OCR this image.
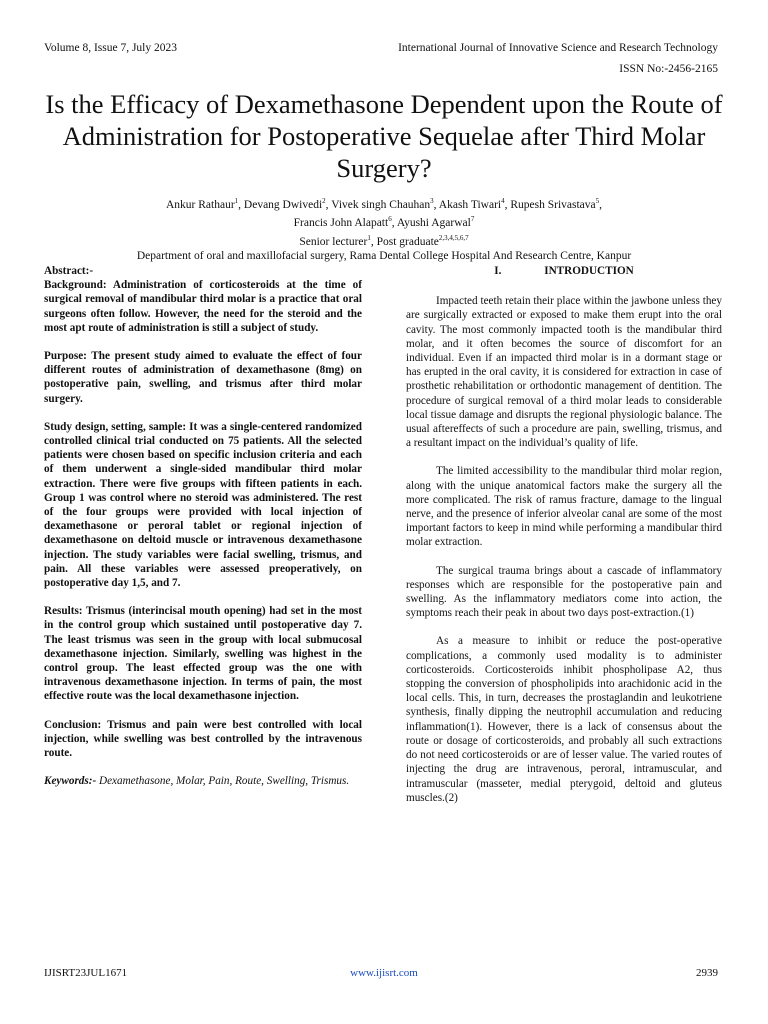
Volume 8, Issue 7, July 2023	International Journal of Innovative Science and Research Technology
ISSN No:-2456-2165
Is the Efficacy of Dexamethasone Dependent upon the Route of Administration for Postoperative Sequelae after Third Molar Surgery?
Ankur Rathaur$^1$, Devang Dwivedi$^2$, Vivek singh Chauhan$^3$, Akash Tiwari$^4$, Rupesh Srivastava$^5$,
Francis John Alapatt$^6$, Ayushi Agarwal$^7$
Senior lecturer$^1$, Post graduate$^{2,3,4,5,6,7}$
Department of oral and maxillofacial surgery, Rama Dental College Hospital And Research Centre, Kanpur

Abstract:-
Background: Administration of corticosteroids at the time of surgical removal of mandibular third molar is a practice that oral surgeons often follow. However, the need for the steroid and the most apt route of administration is still a subject of study.

Purpose: The present study aimed to evaluate the effect of four different routes of administration of dexamethasone (8mg) on postoperative pain, swelling, and trismus after third molar surgery.

Study design, setting, sample: It was a single-centered randomized controlled clinical trial conducted on 75 patients. All the selected patients were chosen based on specific inclusion criteria and each of them underwent a single-sided mandibular third molar extraction. There were five groups with fifteen patients in each. Group 1 was control where no steroid was administered. The rest of the four groups were provided with local injection of dexamethasone or peroral tablet or regional injection of dexamethasone on deltoid muscle or intravenous dexamethasone injection. The study variables were facial swelling, trismus, and pain. All these variables were assessed preoperatively, on postoperative day 1,5, and 7.

Results: Trismus (interincisal mouth opening) had set in the most in the control group which sustained until postoperative day 7. The least trismus was seen in the group with local submucosal dexamethasone injection. Similarly, swelling was highest in the control group. The least effected group was the one with intravenous dexamethasone injection. In terms of pain, the most effective route was the local dexamethasone injection.

Conclusion: Trismus and pain were best controlled with local injection, while swelling was best controlled by the intravenous route.

Keywords:- Dexamethasone, Molar, Pain, Route, Swelling, Trismus.

I.	INTRODUCTION

Impacted teeth retain their place within the jawbone unless they are surgically extracted or exposed to make them erupt into the oral cavity. The most commonly impacted tooth is the mandibular third molar, and it often becomes the source of discomfort for an individual. Even if an impacted third molar is in a dormant stage or has erupted in the oral cavity, it is considered for extraction in case of prosthetic rehabilitation or orthodontic management of dentition. The procedure of surgical removal of a third molar leads to considerable local tissue damage and disrupts the regional physiologic balance. The usual aftereffects of such a procedure are pain, swelling, trismus, and a resultant impact on the individual’s quality of life.

The limited accessibility to the mandibular third molar region, along with the unique anatomical factors make the surgery all the more complicated. The risk of ramus fracture, damage to the lingual nerve, and the presence of inferior alveolar canal are some of the most important factors to keep in mind while performing a mandibular third molar extraction.

The surgical trauma brings about a cascade of inflammatory responses which are responsible for the postoperative pain and swelling. As the inflammatory mediators come into action, the symptoms reach their peak in about two days post-extraction.(1)

As a measure to inhibit or reduce the post-operative complications, a commonly used modality is to administer corticosteroids. Corticosteroids inhibit phospholipase A2, thus stopping the conversion of phospholipids into arachidonic acid in the local cells. This, in turn, decreases the prostaglandin and leukotriene synthesis, finally dipping the neutrophil accumulation and reducing inflammation(1). However, there is a lack of consensus about the route or dosage of corticosteroids, and probably all such extractions do not need corticosteroids or are of lesser value. The varied routes of injecting the drug are intravenous, peroral, intramuscular, and intramuscular (masseter, medial pterygoid, deltoid and gluteus muscles.(2)

IJISRT23JUL1671	www.ijisrt.com	2939
